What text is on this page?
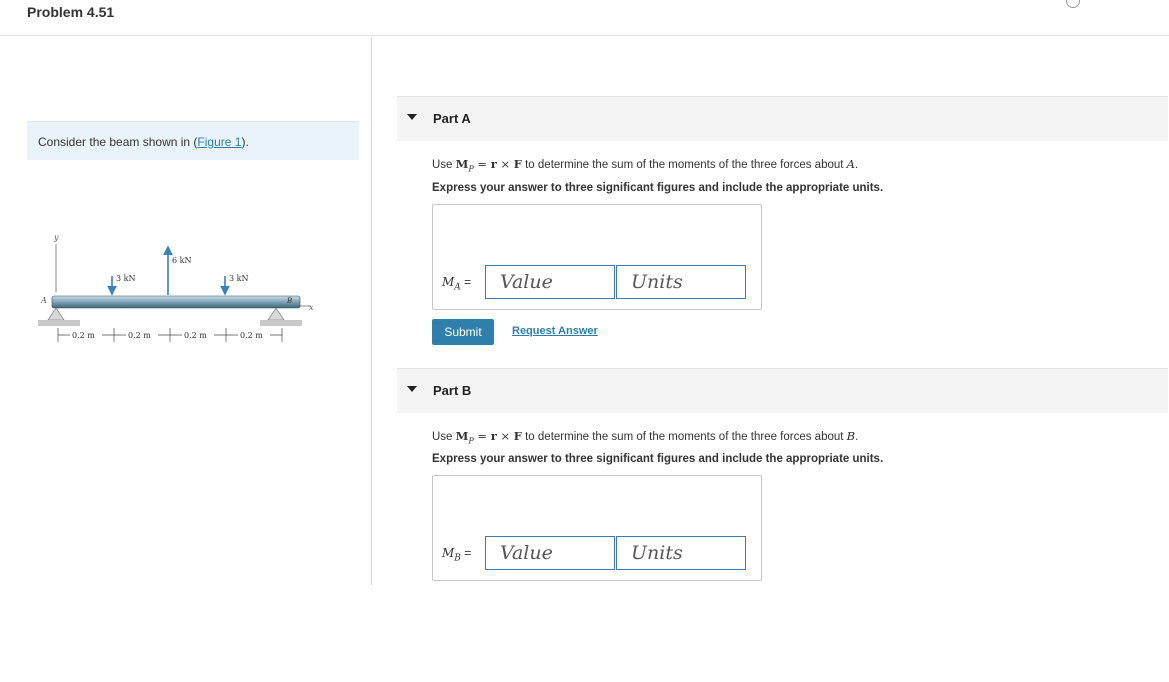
Problem 4.51
Consider the beam shown in (Figure 1).
y
x
A	B
3 kN
6 kN
3 kN
0.2 m	0.2 m	0.2 m	0.2 m
Part A
Use $M_P = r \times F$ to determine the sum of the moments of the three forces about A.
Express your answer to three significant figures and include the appropriate units.
$M_A$ =
Value
Units
Submit	Request Answer
Part B
Use $M_P = r \times F$ to determine the sum of the moments of the three forces about B.
Express your answer to three significant figures and include the appropriate units.
$M_B$ =
Value
Units
